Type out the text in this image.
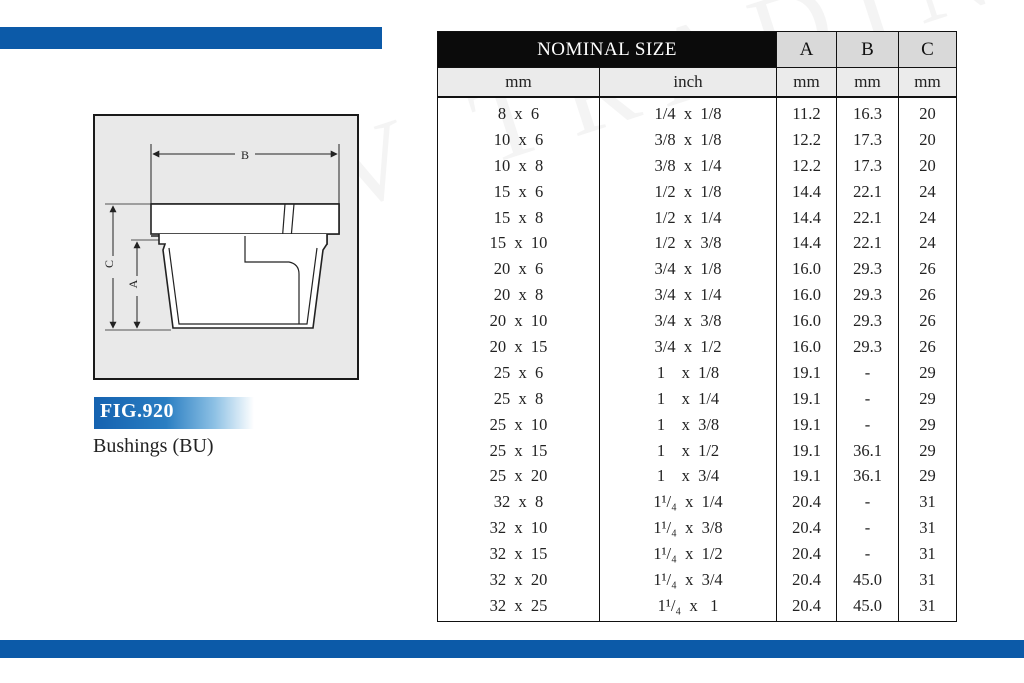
B
C
A
FIG.920
Bushings (BU)
NOMINAL SIZE		A	B	C
mm	inch	mm	mm	mm
8  x  6	1/4  x  1/8	11.2	16.3	20
10  x  6	3/8  x  1/8	12.2	17.3	20
10  x  8	3/8  x  1/4	12.2	17.3	20
15  x  6	1/2  x  1/8	14.4	22.1	24
15  x  8	1/2  x  1/4	14.4	22.1	24
15  x  10	1/2  x  3/8	14.4	22.1	24
20  x  6	3/4  x  1/8	16.0	29.3	26
20  x  8	3/4  x  1/4	16.0	29.3	26
20  x  10	3/4  x  3/8	16.0	29.3	26
20  x  15	3/4  x  1/2	16.0	29.3	26
25  x  6	1    x  1/8	19.1	-	29
25  x  8	1    x  1/4	19.1	-	29
25  x  10	1    x  3/8	19.1	-	29
25  x  15	1    x  1/2	19.1	36.1	29
25  x  20	1    x  3/4	19.1	36.1	29
32  x  8	1¹/₄  x  1/4	20.4	-	31
32  x  10	1¹/₄  x  3/8	20.4	-	31
32  x  15	1¹/₄  x  1/2	20.4	-	31
32  x  20	1¹/₄  x  3/4	20.4	45.0	31
32  x  25	1¹/₄  x   1	20.4	45.0	31
